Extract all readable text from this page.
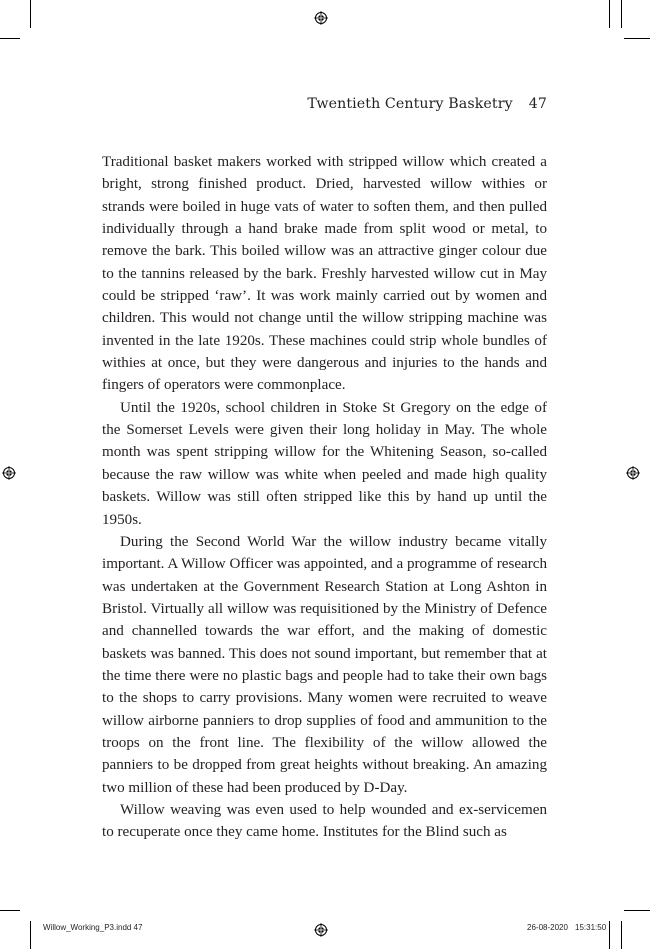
Twentieth Century Basketry 47

Traditional basket makers worked with stripped willow which created a bright, strong finished product. Dried, harvested willow withies or strands were boiled in huge vats of water to soften them, and then pulled individually through a hand brake made from split wood or metal, to remove the bark. This boiled willow was an attractive ginger colour due to the tannins released by the bark. Freshly harvested willow cut in May could be stripped ‘raw’. It was work mainly carried out by women and children. This would not change until the willow stripping machine was invented in the late 1920s. These machines could strip whole bundles of withies at once, but they were dangerous and injuries to the hands and fingers of operators were commonplace.

Until the 1920s, school children in Stoke St Gregory on the edge of the Somerset Levels were given their long holiday in May. The whole month was spent stripping willow for the Whitening Season, so-called because the raw willow was white when peeled and made high quality baskets. Willow was still often stripped like this by hand up until the 1950s.

During the Second World War the willow industry became vitally important. A Willow Officer was appointed, and a programme of research was undertaken at the Government Research Station at Long Ashton in Bristol. Virtually all willow was requisitioned by the Ministry of Defence and channelled towards the war effort, and the making of domestic baskets was banned. This does not sound important, but remember that at the time there were no plastic bags and people had to take their own bags to the shops to carry provisions. Many women were recruited to weave willow airborne panniers to drop supplies of food and ammunition to the troops on the front line. The flexibility of the willow allowed the panniers to be dropped from great heights without breaking. An amazing two million of these had been produced by D-Day.

Willow weaving was even used to help wounded and ex-servicemen to recuperate once they came home. Institutes for the Blind such as

Willow_Working_P3.indd 47	26-08-2020 15:31:50
